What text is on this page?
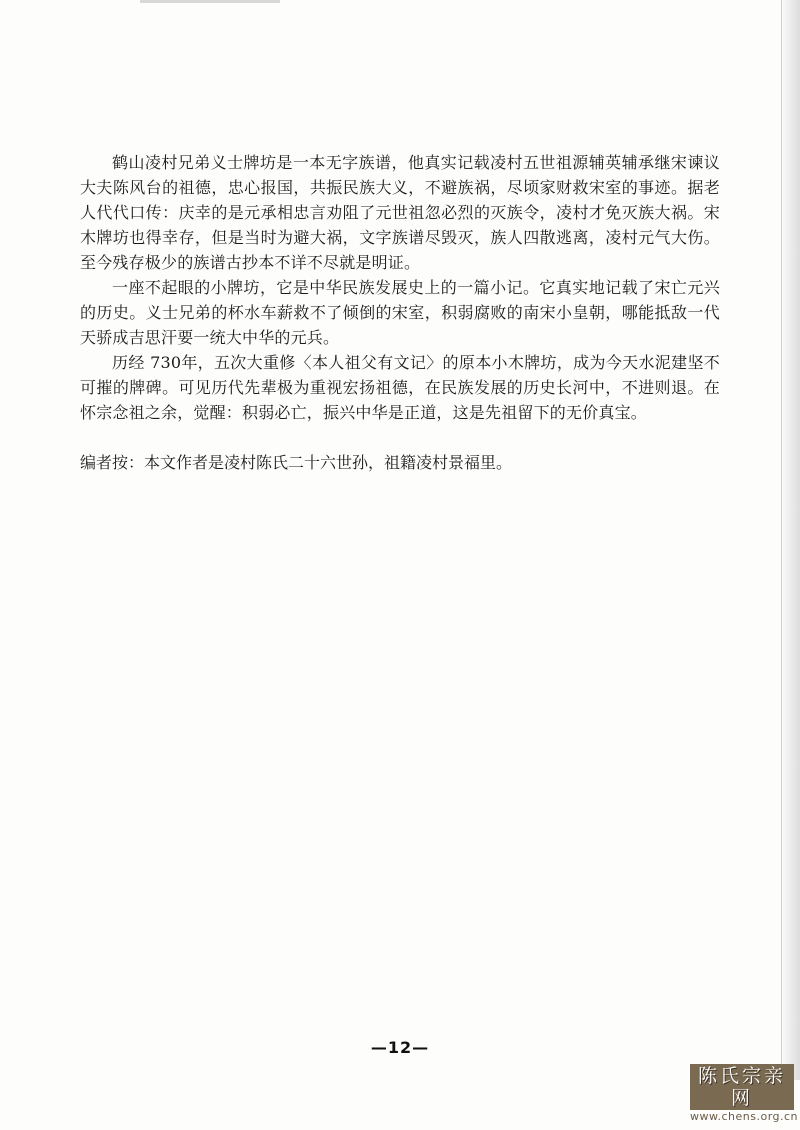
鹤山凌村兄弟义士牌坊是一本无字族谱，他真实记载凌村五世祖源辅英辅承继宋谏议大夫陈风台的祖德，忠心报国，共振民族大义，不避族祸，尽顷家财救宋室的事迹。据老人代代口传：庆幸的是元承相忠言劝阻了元世祖忽必烈的灭族令，凌村才免灭族大祸。宋木牌坊也得幸存，但是当时为避大祸，文字族谱尽毁灭，族人四散逃离，凌村元气大伤。至今残存极少的族谱古抄本不详不尽就是明证。

一座不起眼的小牌坊，它是中华民族发展史上的一篇小记。它真实地记载了宋亡元兴的历史。义士兄弟的杯水车薪救不了倾倒的宋室，积弱腐败的南宋小皇朝，哪能抵敌一代天骄成吉思汗要一统大中华的元兵。

历经 730年，五次大重修〈本人祖父有文记〉的原本小木牌坊，成为今天水泥建坚不可摧的牌碑。可见历代先辈极为重视宏扬祖德，在民族发展的历史长河中，不进则退。在怀宗念祖之余，觉醒：积弱必亡，振兴中华是正道，这是先祖留下的无价真宝。

编者按：本文作者是凌村陈氏二十六世孙，祖籍凌村景福里。

—12—
陈氏宗亲网
www.chens.org.cn
